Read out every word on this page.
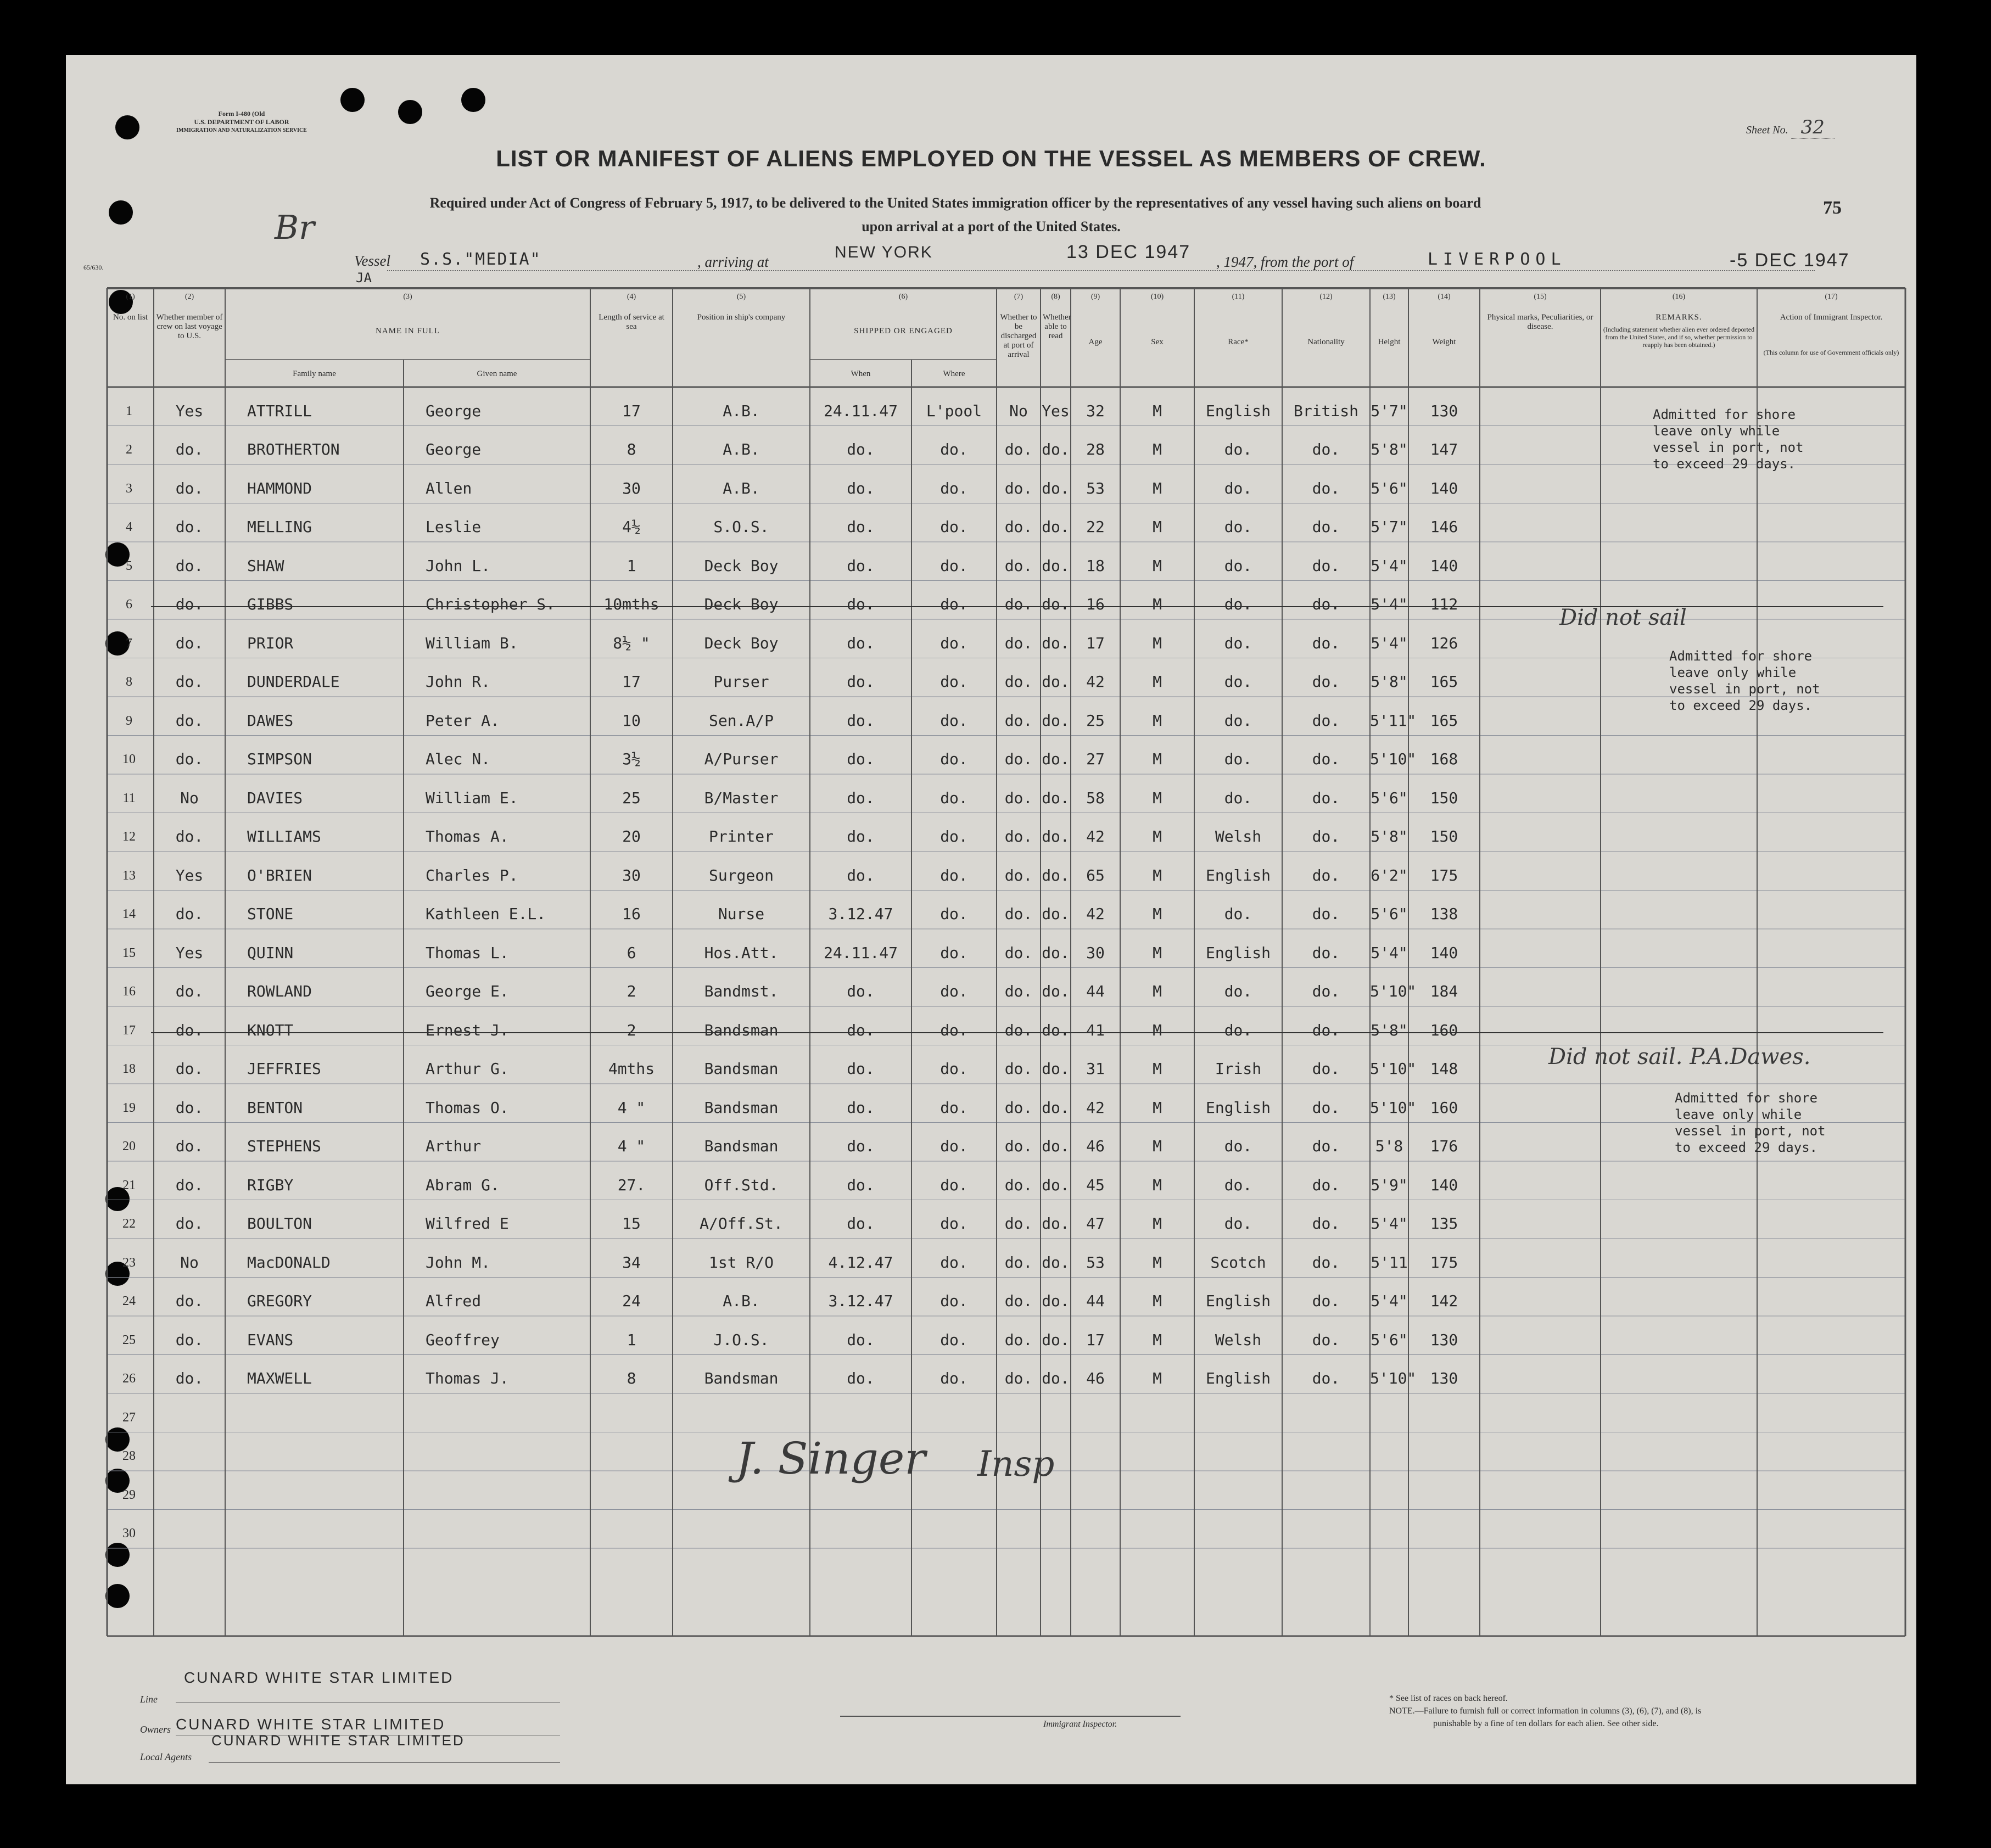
Form I-480 (Old
U.S. DEPARTMENT OF LABOR
IMMIGRATION AND NATURALIZATION SERVICE	Sheet No. 32
LIST OR MANIFEST OF ALIENS EMPLOYED ON THE VESSEL AS MEMBERS OF CREW.
Required under Act of Congress of February 5, 1917, to be delivered to the United States immigration officer by the representatives of any vessel having such aliens on board
upon arrival at a port of the United States.
75
65/630.
Br
Vessel
JA
S.S."MEDIA"	, arriving at
NEW YORK	13 DEC 1947 , 1947, from the port of	LIVERPOOL	-5 DEC 1947
(1)
No. on list
(2)
Whether member of crew on last voyage to U.S.
(3)
NAME IN FULL
(4)
Length of service at sea
(5)
Position in ship's company
(6)
SHIPPED OR ENGAGED
(7)
Whether to be discharged at port of arrival
(8)
Whether able to read
(9)
Age
(10)
Sex
(11)
Race*
(12)
Nationality
(13)
Height
(14)
Weight
(15)
Physical marks, Peculiarities, or disease.
(16)
REMARKS.
(17)
Action of Immigrant Inspector.
Family name	Given name	When	Where
(Including statement whether alien ever ordered deported from the United States, and if so, whether permission to reapply has been obtained.)
(This column for use of Government officials only)
1	Yes	ATTRILL	George	17	A.B.	24.11.47	L'pool	No Yes	32	M	English	British 5'7"	130
2	do.	BROTHERTON	George	8	A.B.	do.	do.	do. do.	28	M	do.	do.	5'8"	147
3	do.	HAMMOND	Allen	30	A.B.	do.	do.	do. do.	53	M	do.	do.	5'6"	140
4	do.	MELLING	Leslie	4½	S.O.S.	do.	do.	do. do.	22	M	do.	do.	5'7"	146
5	do.	SHAW	John L.	1	Deck Boy	do.	do.	do. do.	18	M	do.	do.	5'4"	140
6	do.	GIBBS	Christopher S.	10mths	Deck Boy	do.	do.	do. do.	16	M	do.	do.	5'4"	112
7	do.	PRIOR	William B.	8½ "	Deck Boy	do.	do.	do. do.	17	M	do.	do.	5'4"	126
8	do.	DUNDERDALE	John R.	17	Purser	do.	do.	do. do.	42	M	do.	do.	5'8"	165
9	do.	DAWES	Peter A.	10	Sen.A/P	do.	do.	do. do.	25	M	do.	do.	5'11" 165
10	do.	SIMPSON	Alec N.	3½	A/Purser	do.	do.	do. do.	27	M	do.	do.	5'10" 168
11	No	DAVIES	William E.	25	B/Master	do.	do.	do. do.	58	M	do.	do.	5'6"	150
12	do.	WILLIAMS	Thomas A.	20	Printer	do.	do.	do. do.	42	M	Welsh	do.	5'8"	150
13	Yes	O'BRIEN	Charles P.	30	Surgeon	do.	do.	do. do.	65	M	English	do.	6'2"	175
14	do.	STONE	Kathleen E.L.	16	Nurse	3.12.47	do.	do. do.	42	M	do.	do.	5'6"	138
15	Yes	QUINN	Thomas L.	6	Hos.Att.	24.11.47	do.	do. do.	30	M	English	do.	5'4"	140
16	do.	ROWLAND	George E.	2	Bandmst.	do.	do.	do. do.	44	M	do.	do.	5'10" 184
17	do.	KNOTT	Ernest J.	2	Bandsman	do.	do.	do. do.	41	M	do.	do.	5'8"	160
18	do.	JEFFRIES	Arthur G.	4mths	Bandsman	do.	do.	do. do.	31	M	Irish	do.	5'10" 148
19	do.	BENTON	Thomas O.	4 "	Bandsman	do.	do.	do. do.	42	M	English	do.	5'10" 160
20	do.	STEPHENS	Arthur	4 "	Bandsman	do.	do.	do. do.	46	M	do.	do.	5'8	176
21	do.	RIGBY	Abram G.	27.	Off.Std.	do.	do.	do. do.	45	M	do.	do.	5'9"	140
22	do.	BOULTON	Wilfred E	15	A/Off.St.	do.	do.	do. do.	47	M	do.	do.	5'4"	135
23	No	MacDONALD	John M.	34	1st R/O	4.12.47	do.	do. do.	53	M	Scotch	do.	5'11	175
24	do.	GREGORY	Alfred	24	A.B.	3.12.47	do.	do. do.	44	M	English	do.	5'4"	142
25	do.	EVANS	Geoffrey	1	J.O.S.	do.	do.	do. do.	17	M	Welsh	do.	5'6"	130
26	do.	MAXWELL	Thomas J.	8	Bandsman	do.	do.	do. do.	46	M	English	do.	5'10" 130
27
28
29
30
Admitted for shore leave only while vessel in port, not to exceed 29 days.
Did not sail
Admitted for shore leave only while vessel in port, not to exceed 29 days.
Did not sail. P.A.Dawes.
Admitted for shore leave only while vessel in port, not to exceed 29 days.
J. Singer Insp
CUNARD WHITE STAR LIMITED
Line
Owners CUNARD WHITE STAR LIMITED
CUNARD WHITE STAR LIMITED
Local Agents
Immigrant Inspector.
* See list of races on back hereof.
NOTE.—Failure to furnish full or correct information in columns (3), (6), (7), and (8), is
punishable by a fine of ten dollars for each alien. See other side.
